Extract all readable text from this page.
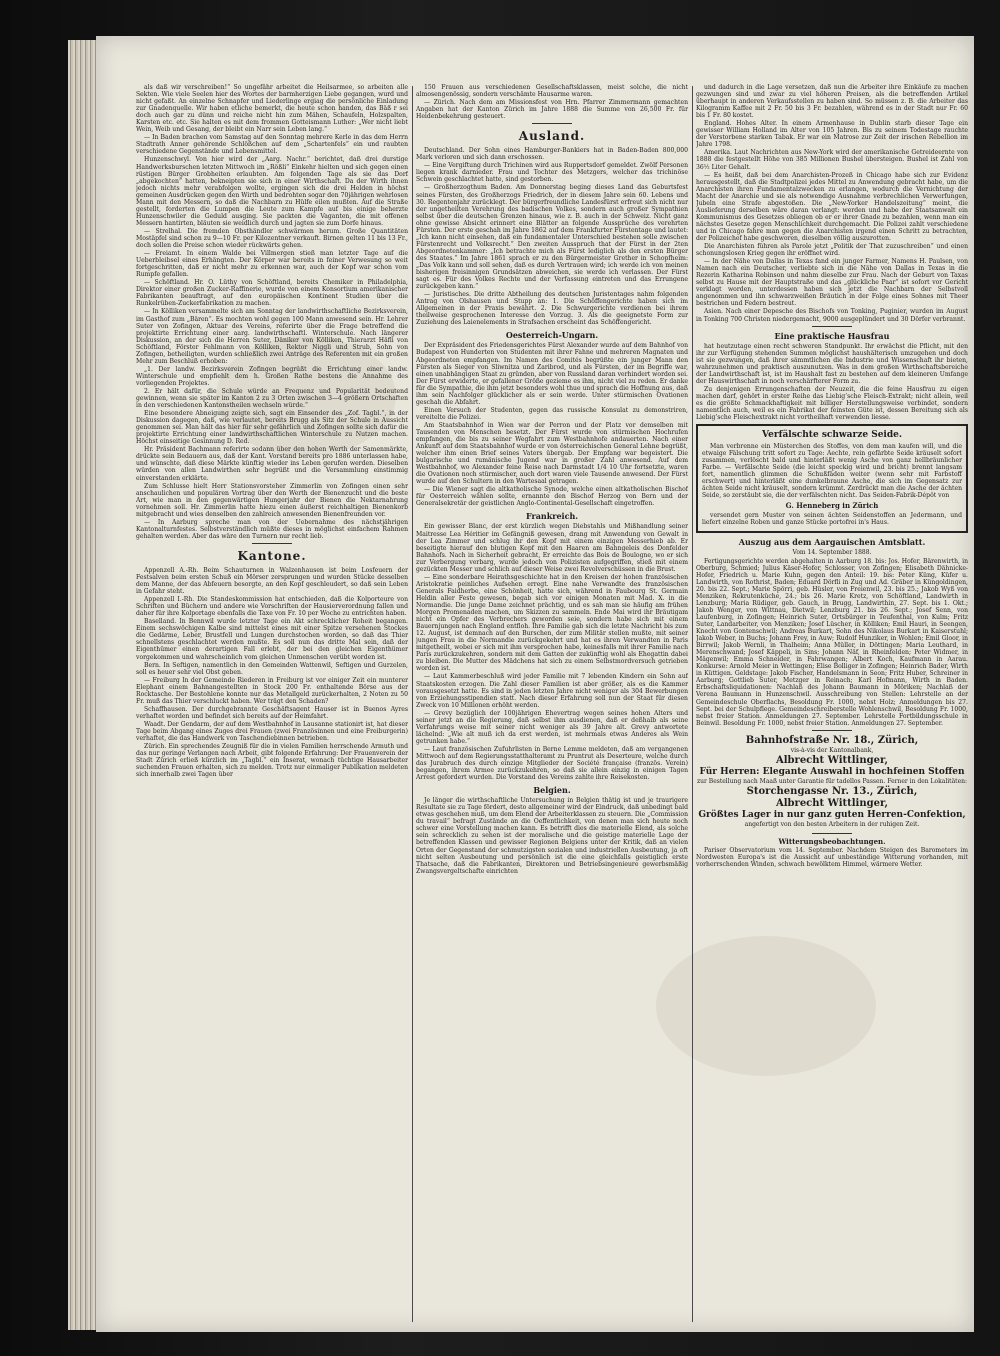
als daß wir verschreiben!“ So ungefähr arbeitet die Heilsarmee, so arbeiten alle Sekten. Wie viele Seelen hier des Wortes der barmherzigen Liebe gegangen, wurd und nicht gefaßt. An einzelne Schnapfer und Liederlinge ergiag die persönliche Einladung zur Gnadenquelle. Wir haben etliche bemerkt, die heute schon handen, das Bäß r sei doch auch gar zu dünn und reiche nicht hin zum Mähen, Schaufeln, Holzspalten, Karsten etc. etc. Sie halten es mit dem frommen Gotteismann Luther: „Wer nicht liebt Wein, Weib und Gesang, der bleibt ein Narr sein Leben lang.“

— In Baden brachen vom Samstag auf den Sonntag mehrere Kerle in das dem Herrn Stadtrath Anner gehörende Schlößchen auf dem „Schartenfels“ ein und raubten verschiedene Gegenstände und Lebensmittel.

Hunzenschwyl. Von hier wird der „Aarg. Nachr.“ berichtet, daß drei durstige Handwerksburschen letzten Mittwoch im „Rößli“ Einkehr hielten und sich gegen einen rüstigen Bürger Grobheiten erlaubten. Am folgenden Tage als sie das Dorf „abgekochten“ hatten, bekneipten sie sich in einer Wirthschaft. Da der Wirth ihnen jedoch nichts mehr verabfolgen wollte, ergingen sich die drei Helden in höchst gemeinen Ausdrücken gegen den Wirth und bedrohten sogar den 70jährigen wehrlosen Mann mit den Messern, so daß die Nachbarn zu Hülfe eilen mußten. Auf die Straße gestellt, forderten die Lumpen die Leute zum Kampfe auf bis einige beherzte Hunzenschwiler die Geduld ausging. Sie packten die Vaganten, die mit offenen Messern hantirten, bläuten sie weidlich durch und jagten sie zum Dorfe hinaus.

— Strelhal. Die fremden Obsthändler schwärmen herum. Große Quantitäten Mostäpfel sind schon zu 9—10 Fr. per Kilozentner verkauft. Birnen gelten 11 bis 13 Fr., doch sollen die Preise schon wieder rückwärts gehen.

— Freiamt. In einem Walde bei Villmergen stieß man letzter Tage auf die Ueberbleibsel eines Erhängten. Der Körper war bereits in feiner Verwesung so weit fortgeschritten, daß er nicht mehr zu erkennen war, auch der Kopf war schon vom Rumpfe gefallen.

— Schöftland. Hr. O. Lüthy von Schöftland, bereits Chemiker in Philadelphia, Direktor einer großen Zucker-Raffinerie, wurde von einem Konsortium amerikanischer Fabrikanten beauftragt, auf den europäischen Kontinent Studien über die Runkelrüben-Zuckerfabrikation zu machen.

— In Kölliken versammelte sich am Sonntag der landwirthschaftliche Bezirksverein, im Gasthof zum „Bären“. Es mochten wohl gegen 100 Mann anwesend sein. Hr. Lehrer Suter von Zofingen, Aktuar des Vereins, referirte über die Frage betreffend die projektirte Errichtung einer aarg. landwirthschaftl. Winterschule. Nach längerer Diskussion, an der sich die Herren Suter, Däniker von Kölliken, Thierarzt Häfli von Schöftland, Förster Fehlmann von Kölliken, Rektor Niggli und Strub, Sohn von Zofingen, betheiligten, wurden schließlich zwei Anträge des Referenten mit ein großen Mehr zum Beschluß erhoben:

„1. Der landw. Bezirksverein Zofingen begrüßt die Errichtung einer landw. Winterschule und empfiehlt dem h. Großen Rathe bestens die Annahme des vorliegenden Projektes.

2. Er hält dafür, die Schule würde an Frequenz und Popularität bedeutend gewinnen, wenn sie später im Kanton 2 zu 3 Orten zwischen 3—4 größern Ortschaften in den verschiedenen Kantonstheilen wechseln würde.“

Eine besondere Abneigung zeigte sich, sagt ein Einsender des „Zof. Tagbl.“, in der Diskussion dagegen, daß, wie verlautet, bereits Brugg als Sitz der Schule in Aussicht genommen sei. Man hält das hier für sehr gefährlich und Zofingen sollte sich dafür die projektirte Errichtung einer landwirthschaftlichen Winterschule zu Nutzen machen. Höchst einseitige Gesinnung D. Red.

Hr. Präsident Bachmann referirte sodann über den hohen Werth der Samenmärkte, drückte sein Bedauern aus, daß der Kant. Vorstand bereits pro 1886 unterlassen habe, und wünschte, daß diese Märkte künftig wieder ins Leben gerufen werden. Dieselben würden von allen Landwirthen sehr begrüßt und die Versammlung einstimmig einverstanden erklärte.

Zum Schlusse hielt Herr Stationsvorsteher Zimmerlin von Zofingen einen sehr anschaulichen und populären Vortrag über den Werth der Bienenzucht und die beste Art, wie man in den gegenwärtigen Hungerjahr der Bienen die Nektarnahrung vornehmen soll. Hr. Zimmerlin hatte hiezu einen äußerst reichhaltigen Bienenkorb mitgebracht und wies denselben den zahlreich anwesenden Bienenfreunden vor.

— In Aarburg spreche man von der Uebernahme des nächstjährigen Kantonalturnfestes. Selbstverständlich müßte dieses in möglichst einfachem Rahmen gehalten werden. Aber das wäre den Turnern nur recht lieb.

Kantone.

Appenzell A.-Rh. Beim Schauturnen in Walzenhausen ist beim Losfeuern der Festsalven beim ersten Schuß ein Mörser zersprungen und wurden Stücke desselben dem Manne, der das Abfeuern besorgte, an den Kopf geschleudert, so daß sein Leben in Gefahr steht.

Appenzell I.-Rh. Die Standeskommission hat entschieden, daß die Kolporteure von Schriften und Büchern und andere wie Vorschriften der Hausierverordnung fallen und daher für ihre Kolportage ebenfalls die Taxe von Fr. 10 per Woche zu entrichten haben.

Baselland. In Bennwil wurde letzter Tage ein Akt schrecklicher Roheit begangen. Einem sechswöchigen Kalbe sind mittelst eines mit einer Spitze versehenen Stockes die Gedärme, Leber, Brustfell und Lungen durchstochen worden, so daß das Thier schnellstens geschlachtet werden mußte. Es soll nun das dritte Mal sein, daß der Eigenthümer einen derartigen Fall erlebt, der bei den gleichen Eigenthümer vorgekommen und wahrscheinlich vom gleichen Unmenschen verübt worden ist.

Bern. In Seftigen, namentlich in den Gemeinden Wattenwil, Seftigen und Gurzelen, soll es heuer sehr viel Obst geben.

— Freiburg In der Gemeinde Riederen in Freiburg ist vor einiger Zeit ein munterer Elephant einem Bahnangestellten in Stock 200 Fr. enthaltende Börse aus der Rocktasche. Der Bestohlene konnte nur das Metallgeld zurückerhalten, 2 Noten zu 50 Fr. muß das Thier verschluckt haben. Wer trägt den Schaden?

Schaffhausen. Der durchgebrannte Geschäftsagent Hauser ist in Buenos Ayres verhaftet worden und befindet sich bereits auf der Heimfahrt.

Waadt. Der Gendarm, der auf dem Westbahnhof in Lausanne stationirt ist, hat dieser Tage beim Abgang eines Zuges drei Frauen (zwei Französinnen und eine Freiburgerin) verhaftet, die das Handwerk von Taschendiebinnen betrieben.

Zürich. Ein sprechendes Zeugniß für die in vielen Familien herrschende Armuth und das nur geringe Verlangen nach Arbeit, gibt folgende Erfahrung: Der Frauenverein der Stadt Zürich erließ kürzlich im „Tagbl.“ ein Inserat, wonach tüchtige Hausarbeiter suchenden Frauen erhalten, sich zu melden. Trotz nur einmaliger Publikation meldeten sich innerhalb zwei Tagen über

150 Frauen aus verschiedenen Gesellschaftsklassen, meist solche, die nicht almosengenössig, sondern verschämte Hausarme waren.

— Zürich. Nach dem am Missionsfest von Hrn. Pfarrer Zimmermann gemachten Angaben hat der Kanton Zürich im Jahre 1888 die Summe von 26,500 Fr. für Heidenbekehrung gesteuert.

Ausland.

Deutschland. Der Sohn eines Hamburger-Bankiers hat in Baden-Baden 800,000 Mark verloren und sich dann erschossen.

— Eine Vergiftung durch Trichinen wird aus Ruppertsdorf gemeldet. Zwölf Personen liegen krank darnieder. Frau und Tochter des Metzgers, welcher das trichinöse Schwein geschlachtet hatte, sind gestorben.

— Großherzogthum Baden. Am Donnerstag beging dieses Land das Geburtsfest seines Fürsten, des Großherzogs Friedrich, der in diesem Jahre sein 60. Lebens und 30. Regentenjahr zurücklegt. Der bürgerfreundliche Landesfürst erfreut sich nicht nur der ungetheilten Verehrung des badischen Volkes, sondern auch großer Sympathien selbst über die deutschen Grenzen hinaus, wie z. B. auch in der Schweiz. Nicht ganz ohne gewisse Absicht erinnert eine Blätter an folgende Aussprüche des verehrten Fürsten. Der erste geschah im Jahre 1862 auf dem Frankfurter Fürstentage und lautet: „Ich kann nicht einsehen, daß ein fundamentaler Unterschied bestehen solle zwischen Fürstenrecht und Volksrecht.“ Den zweiten Ausspruch that der Fürst in der 2ten Abgeordnetenkammer: „Ich betrachte mich als Fürst lediglich als den ersten Bürger des Staates.“ Im Jahre 1861 sprach er zu den Bürgermeister Grether in Schopfheim: „Das Volk kann und soll sehen, daß es durch Vertrauen wird; ich werde ich von meinen bisherigen freisinnigen Grundsätzen abweichen, sie werde ich verlassen. Der Fürst sagt es. Für des Volkes Rechte und der Verfassung eintreten und das Errungene zurückgeben kann.“

— Juristisches. Die dritte Abtheilung des deutschen Juristentages nahm folgenden Antrag von Olshausen und Stupp an: 1. Die Schöffengerichte haben sich im Allgemeinen in der Praxis bewährt. 2. Die Schwurgerichte verdienen bei ihrem theilweise gesprochenen Interesse den Vorzug. 3. Als die geeignetste Form zur Zuziehung des Laienelements in Strafsachen erscheint das Schöffengericht.

Oesterreich-Ungarn.

Der Expräsident des Friedensgerichtes Fürst Alexander wurde auf dem Bahnhof von Budapest von Hunderten von Studenten mit ihrer Fahne und mehreren Magnaten und Abgeordneten empfangen. Im Namen des Comités begrüßte ein junger Mann den Fürsten als Sieger von Sliwnitza und Zaribrod, und als Fürsten, der im Begriffe war, einen unabhängigen Staat zu gründen, aber von Russland daran verhindert worden sei. Der Fürst erwiderte, er gefallener Größe gezieme es ihm, nicht viel zu reden. Er danke für die Sympathie, die ihm jetzt besonders wohl thue und sprach die Hoffnung aus, daß ihm sein Nachfolger glücklicher als er sein werde. Unter stürmischen Ovationen geschah die Abfahrt.

Einen Versuch der Studenten, gegen das russische Konsulat zu demonstriren, vereitelte die Polizei.

Am Staatsbahnhof in Wien war der Perron und der Platz vor demselben mit Tausenden von Menschen besetzt. Der Fürst wurde von stürmischen Hochrufen empfangen, die bis zu seiner Wegfahrt zum Westbahnhofe andauerten. Nach einer Ankunft auf dem Staatsbahnhof wurde er von österreichischen General Lehne begrüßt, welcher ihm einen Brief seines Vaters übergab. Der Empfang war begeistert. Die bulgarische und rumänische Jugend war in großer Zahl anwesend. Auf dem Westbahnhof, wo Alexander feine Reise nach Darmstadt 1/4 10 Uhr fortsetzte, waren die Ovationen noch stürmischer, auch dort waren viele Tausende anwesend. Der Fürst wurde auf den Schultern in den Wartesaal getragen.

— Die Wiener sagt die altkatholische Synode, welche einen altkatholischen Bischof für Oesterreich wählen sollte, ernannte den Bischof Herzog von Bern und der Generalsekretär der geistlichen Anglo-Continental-Gesellschaft eingetroffen.

Frankreich.

Ein gewisser Blanc, der erst kürzlich wegen Diebstahls und Mißhandlung seiner Maitresse Lea Héritier im Gefängniß gewesen, drang mit Anwendung von Gewalt in der Lea Zimmer und schlug ihr den Kopf mit einem einzigen Messerhieb ab. Er beseitigte hierauf den blutigen Kopf mit den Haaren am Bahngeleis des Donfelder Bahnhofs. Nach in Sicherheit gebracht, Er erreichte das Bois de Boulogne, wo er sich zur Verbergung verbarg, wurde jedoch von Polizisten aufgegriffen, stieß mit einem gezückten Messer und schlich auf dieser Weise zwei Revolverschüssen in die Brust.

— Eine sonderbare Heirathsgeschichte hat in den Kreisen der hohen französischen Aristokratie peinliches Aufsehen erregt. Eine nahe Verwandte des französischen Generals Faidherbe, eine Schönheit, hatte sich, während in Faubourg St. Germain Heldin aller Feste gewesen, begab sich vor einigen Monaten mit Mad. X. in die Normandie. Die junge Dame zeichnet prächtig, und es sah man sie häufig am frühen Morgen Promenaden machen, um Skizzen zu sammeln. Ende Mai wird ihr Bräutigam nicht ein Opfer des Verbrechers geworden seie, sondern habe sich mit einem Bauernjungen nach England entfloh. Ihre Familie gab sich die letzte Nachricht bis zum 12. August, ist demnach auf den Burschen, der zum Militär stellen mußte, mit seiner jungen Frau in die Normandie zurückgekehrt und hat es ihren Verwandten in Paris mitgetheilt, wobei er sich mit ihm versprochen habe, keinesfalls mit ihrer Familie nach Paris zurückzukehren, sondern mit dem Gatten der zukünftig wohl als Ehegattin dabei zu bleiben. Die Mutter des Mädchens hat sich zu einem Selbstmordversuch getrieben worden ist.

— Laut Kammerbeschluß wird jeder Familie mit 7 lebenden Kindern ein Sohn auf Staatskosten erzogen. Die Zahl dieser Familien ist aber größer, als es die Kammer vorausgesetzt hatte. Es sind in jeden letzten Jahre nicht weniger als 304 Bewerbungen von Erziehungsstipendien statt. Nach dieser Erfahrung soll nun der Staat für diesen Zweck von 10 Millionen erhöht werden.

— Grevy bezüglich der 100jährigen Ehevertrag wegen seines hohen Alters und seiner jetzt an die Regierung, daß selbst ihm ausdienen, daß er deßhalb als seine Verfahrungs weise mit seiner nicht weniger als 39 Jahre alt. Grevy antwortete lächelnd: „Wie alt muß ich da erst werden, ist mehrmals etwas Anderes als Wein getrunken habe.“

— Laut französischen Zufuhrlisten in Berne Lemme meldeten, daß am vergangenen Mittwoch auf dem Regierungsstatthalteramt zu Pruntrut als Deserteure, welche durch das Jurabruch des durch einzige Mitglieder der Société française (französ. Verein) begangen, ihrem Armee zurückzukehren, so daß sie allein einzig in einigen Tagen Arrest gefordert wurden. Die Vorstand des Vereins zahlte ihre Reisekosten.

Belgien.

Je länger die wirthschaftliche Untersuchung in Belgien thätig ist und je traurigere Resultate sie zu Tage fördert, desto allgemeiner wird der Eindruck, daß unbedingt bald etwas geschehen muß, um dem Elend der Arbeiterklassen zu steuern. Die „Commission du travail“ befragt Zustände an die Oeffentlichkeit, von denen man sich heute noch schwer eine Vorstellung machen kann. Es betrifft dies die materielle Elend, als solche sein schrecklich zu sehen ist der moralische und die geistige materielle Lage der betreffenden Klassen und gewisser Regionen Belgiens unter der Kritik, daß an vielen Orten der Gegenstand der schmutzigsten sozialen und industriellen Ausbeutung, ja oft nicht selten Ausbeutung und persönlich ist die eine gleichfalls geistiglich erste Thatsache, daß die Fabrikanten, Direktoren und Betriebsingenieure gewerbsmäßig Zwangsvergeltschafte einrichten

und dadurch in die Lage versetzen, daß nun die Arbeiter ihre Einkäufe zu machen gezwungen sind und zwar zu viel höheren Preisen, als die betreffenden Artikel überhaupt in anderen Verkaufsstellen zu haben sind. So müssen z. B. die Arbeiter das Kilogramm Kaffee mit 2 Fr. 50 bis 3 Fr. bezahlen, während es in der Stadt nur Fr. 60 bis 1 Fr. 80 kostet.

England. Hohes Alter. In einem Armenhause in Dublin starb dieser Tage ein gewisser William Holland im Alter von 105 Jahren. Bis zu seinem Todestage rauchte der Verstorbene starken Tabak. Er war ein Matrose zur Zeit der irischen Rebellion im Jahre 1798.

Amerika. Laut Nachrichten aus New-York wird der amerikanische Getreideernte von 1888 die festgestellt Höhe von 385 Millionen Bushel übersteigen. Bushel ist Zahl von 36½ Liter Gehalt.

— Es heißt, daß bei dem Anarchisten-Prozeß in Chicago habe sich zur Evidenz herausgestellt, daß die Stadtpolizei jedes Mittel zu Anwendung gebracht habe, um die Anarchisten ihren Fundamentalzwecken zu erlangen, wodurch die Vernichtung der Macht der Anarchie und sie als notwendige Ausnahme verbrechlichen Verwerfungen, Jubeln eine Strafe abgestoßen. Die „New-Yorker Handelszeitung“ meint, die Auslieferung derselben wäre daran verlangt: werden und habe der Staatsanwalt ein Kommunismus des Gesetzes obliegen ob er er ihrer Gnade zu bezahlen, wenn man ein nächstes Gesetze gegen Menschlichkeit durchgemacht. Die Polizei zahlt verschiedene und in Chicago fahre man gegen die Anarchisten irgend einen Schritt zu betrachten, der Polizeichef habe geschworen, dieselben völlig auszurotten.

Die Anarchisten führen als Parole jetzt „Politik der That zuzuschreiben“ und einen schonungslosen Krieg gegen ihr eröffnet wird.

— In der Nähe von Dallas in Texas fand ein junger Farmer, Namens H. Paulsen, von Namen nach ein Deutscher, verliebte sich in die Nähe von Dallas in Texas in die Rezerin Katharina Robinson und nahm dieselbe zur Frau. Nach der Geburt von Taxas selbst zu Hause mit der Hauptstraße und das „glückliche Paar“ ist sofort vor Gericht verklagt worden, unterdessen haben sich jetzt die Nachbarn der Selbstvoll angenommen und ihn schwarzweißen Bräutich in der Folge eines Sohnes mit Theer bestrichen und Federn bestreut.

Asien. Nach einer Depesche des Bischofs von Tonking, Puginier, wurden im August in Tonking 700 Christen niedergemacht, 9000 ausgeplündert und 30 Dörfer verbrannt.

Eine praktische Hausfrau

hat heutzutage einen recht schweren Standpunkt. Ihr erwächst die Pflicht, mit den ihr zur Verfügung stehenden Summen möglichst haushälterisch umzugehen und doch ist sie gezwungen, daß ihrer sämmtlichen die Industrie und Wissenschaft ihr bieten, wahrzunehmen und praktisch auszunutzen. Was in dem großen Wirthschaftsbereiche der Landwirthschaft ist, ist im Haushalt fast zu bestehen auf dem kleineren Umfange der Hauswirthschaft in noch verschärfterer Form zu.

Zu denjenigen Errungenschaften der Neuzeit, die die feine Hausfrau zu eigen machen darf, gehört in erster Reihe das Liebig’sche Fleisch-Extrakt; nicht allein, weil es die größte Schmackhaftigkeit mit billiger Herstellungsweise verbindet, sondern namentlich auch, weil es ein Fabrikat der feinsten Güte ist, dessen Bereitung sich als Liebig’sche Fleischextrakt nicht vortheilhaft verwenden liesse.

Verfälschte schwarze Seide.

Man verbrenne ein Müsterchen des Stoffes, von dem man kaufen will, und die etwaige Fälschung tritt sofort zu Tage: Aechte, rein gefärbte Seide kräuselt sofort zusammen, verlöscht bald und hinterläßt wenig Asche von ganz hellbräunlicher Farbe. — Verfälschte Seide (die leicht speckig wird und bricht) brennt langsam fort, namentlich glimmen die Schußfäden weiter (wenn sehr mit Farbstoff erschwert) und hinterläßt eine dunkelbraune Asche, die sich im Gegensatz zur ächten Seide nicht kräuselt, sondern krümmt. Zerdrückt man die Asche der ächten Seide, so zerstäubt sie, die der verfälschten nicht. Das Seiden-Fabrik-Dépôt von

G. Henneberg in Zürich

versendet gern Muster von seinen ächten Seidenstoffen an Jedermann, und liefert einzelne Roben und ganze Stücke portofrei in's Haus.

Auszug aus dem Aargauischen Amtsblatt.
Vom 14. September 1888.

Fertigungsgerichte werden abgehalten in Aarburg 18. bis: Jos. Hofer, Bärenwirth, in Oberburg, Schmied; Julius Käser-Hofer, Schlosser, von Zofingen; Elisabeth Dähnicke-Hofer, Friedrich u. Marie Kuhn, gegen den Anteil: 19. bis: Peter Küng, Küfer u. Landwirth, von Rothrist, Baden; Eduard Dörfli in Zug und Ad. Gräber in Küngoldingen, 20. bis 22. Sept.; Marie Spörri, geb. Hüsler, von Freienwil, 23. bis 25.; Jakob Wyß von Menziken, Rekrutenküche, 24.; bis 26. Marie Kretz, von Schöftland, Landwirth in Lenzburg; Maria Rüdiger, geb. Gauch, in Brugg, Landwirthin, 27. Sept. bis 1. Okt.; Jakob Wenger, von Wittnau, Dietwil; Lenzburg 21. bis 26. Sept.; Josef Senn, von Laufenburg, in Zofingen; Heinrich Suter, Ortsbürger in Teufenthal, von Kulm; Fritz Suter, Landarbeiter, von Menziken; Josef Lüscher, in Kölliken; Emil Hauri, in Seengen, Knecht von Gontenschwil; Andreas Burkart, Sohn des Nikolaus Burkart in Kaiserstuhl; Jakob Weber, in Buchs; Johann Frey, in Auw; Rudolf Hunziker, in Wohlen; Emil Gloor, in Birrwil; Jakob Wernli, in Thalheim; Anna Müller, in Döttingen; Maria Leuthard, in Merenschwand; Josef Käppeli, in Sins; Johann Näf, in Rheinfelden; Peter Widmer, in Mägenwil; Emma Schneider, in Fahrwangen; Albert Koch, Kaufmann in Aarau. Konkurse: Arnold Meier in Wettingen; Elise Bolliger in Zofingen; Heinrich Bader, Wirth in Küttigen. Geldstage: Jakob Fischer, Handelsmann in Seon; Fritz Huber, Schreiner in Aarburg; Gottlieb Suter, Metzger in Reinach; Karl Hofmann, Wirth in Baden. Erbschaftsliquidationen: Nachlaß des Johann Baumann in Möriken; Nachlaß der Verena Baumann in Hunzenschwil. Ausschreibung von Stellen: Lehrstelle an der Gemeindeschule Oberflachs, Besoldung Fr. 1000, nebst Holz; Anmeldungen bis 27. Sept. bei der Schulpflege. Gemeindeschreiberstelle Wohlenschwil, Besoldung Fr. 1000, nebst freier Station. Anmeldungen 27. September. Lehrstelle Fortbildungsschule in Beinwil. Besoldung Fr. 1000, nebst freier Station. Anmeldungen 27. September.

Bahnhofstraße Nr. 18., Zürich,
vis-à-vis der Kantonalbank,
Albrecht Wittlinger,
Für Herren: Elegante Auswahl in hochfeinen Stoffen
zur Bestellung nach Maaß unter Garantie für tadellos Passen. Ferner in den Lokalitäten:
Storchengasse Nr. 13., Zürich,
Albrecht Wittlinger,
Größtes Lager in nur ganz guten Herren-Confektion,
angefertigt von den besten Arbeitern in der ruhigen Zeit.
Witterungsbeobachtungen.

Pariser Observatorium vom 14. September. Nachdem Steigen des Barometers im Nordwesten Europa's ist die Aussicht auf unbeständige Witterung vorhanden, mit vorherrschenden Winden, schwach bewölktem Himmel, wärmere Wetter.
